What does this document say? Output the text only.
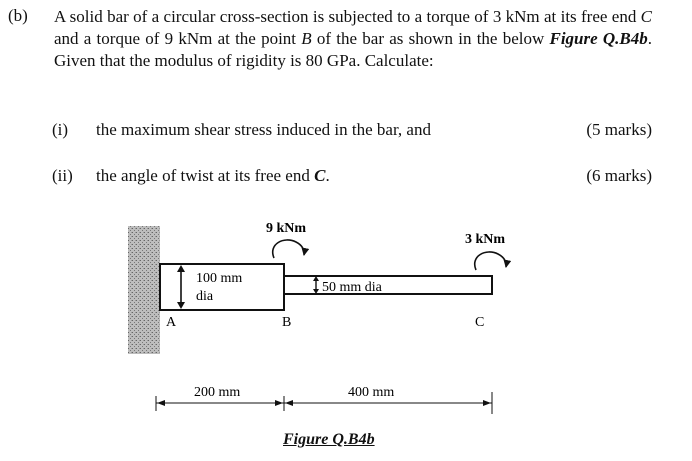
(b) A solid bar of a circular cross-section is subjected to a torque of 3 kNm at its free end C and a torque of 9 kNm at the point B of the bar as shown in the below Figure Q.B4b. Given that the modulus of rigidity is 80 GPa. Calculate:
(i) the maximum shear stress induced in the bar, and	(5 marks)
(ii) the angle of twist at its free end C.	(6 marks)
100 mm
dia
50 mm dia
A	B	C
9 kNm
3 kNm
200 mm	400 mm
Figure Q.B4b
